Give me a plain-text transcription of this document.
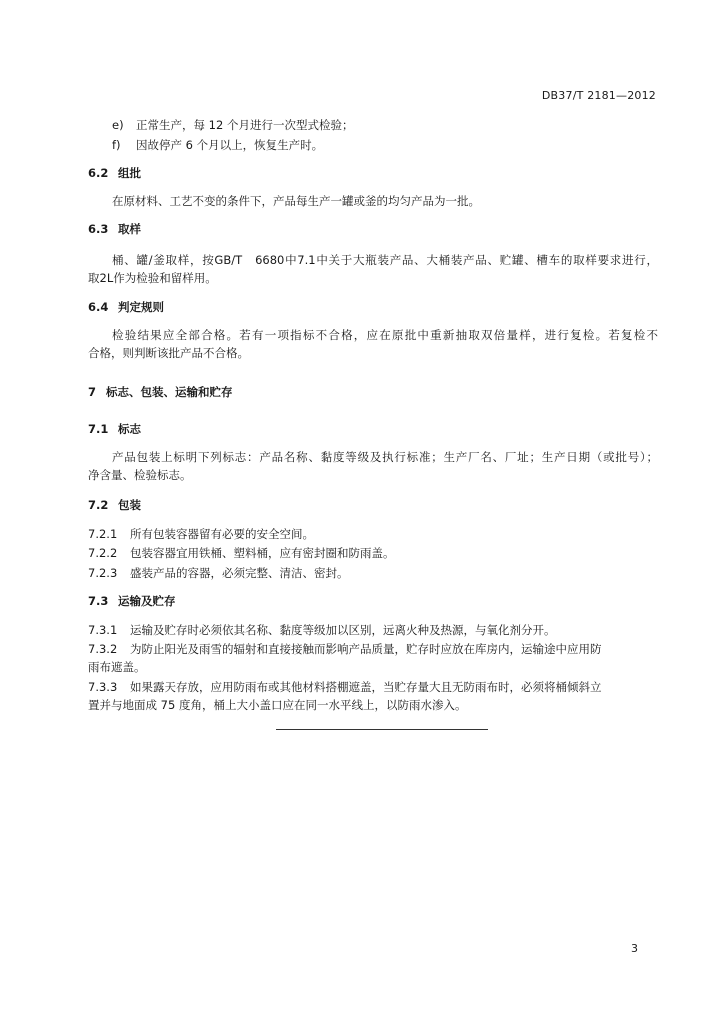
DB37/T 2181—2012
e) 正常生产，每 12 个月进行一次型式检验；
f) 因故停产 6 个月以上，恢复生产时。
6.2 组批
在原材料、工艺不变的条件下，产品每生产一罐或釜的均匀产品为一批。
6.3 取样
桶、罐/釜取样，按GB/T　6680中7.1中关于大瓶装产品、大桶装产品、贮罐、槽车的取样要求进行，
取2L作为检验和留样用。
6.4 判定规则
检验结果应全部合格。若有一项指标不合格，应在原批中重新抽取双倍量样，进行复检。若复检不
合格，则判断该批产品不合格。
7 标志、包装、运输和贮存
7.1 标志
产品包装上标明下列标志：产品名称、黏度等级及执行标准；生产厂名、厂址；生产日期（或批号）；
净含量、检验标志。
7.2 包装
7.2.1 所有包装容器留有必要的安全空间。
7.2.2 包装容器宜用铁桶、塑料桶，应有密封圈和防雨盖。
7.2.3 盛装产品的容器，必须完整、清洁、密封。
7.3 运输及贮存
7.3.1 运输及贮存时必须依其名称、黏度等级加以区别，远离火种及热源，与氧化剂分开。
7.3.2 为防止阳光及雨雪的辐射和直接接触而影响产品质量，贮存时应放在库房内，运输途中应用防
雨布遮盖。
7.3.3 如果露天存放，应用防雨布或其他材料搭棚遮盖，当贮存量大且无防雨布时，必须将桶倾斜立
置并与地面成 75 度角，桶上大小盖口应在同一水平线上，以防雨水渗入。
3
